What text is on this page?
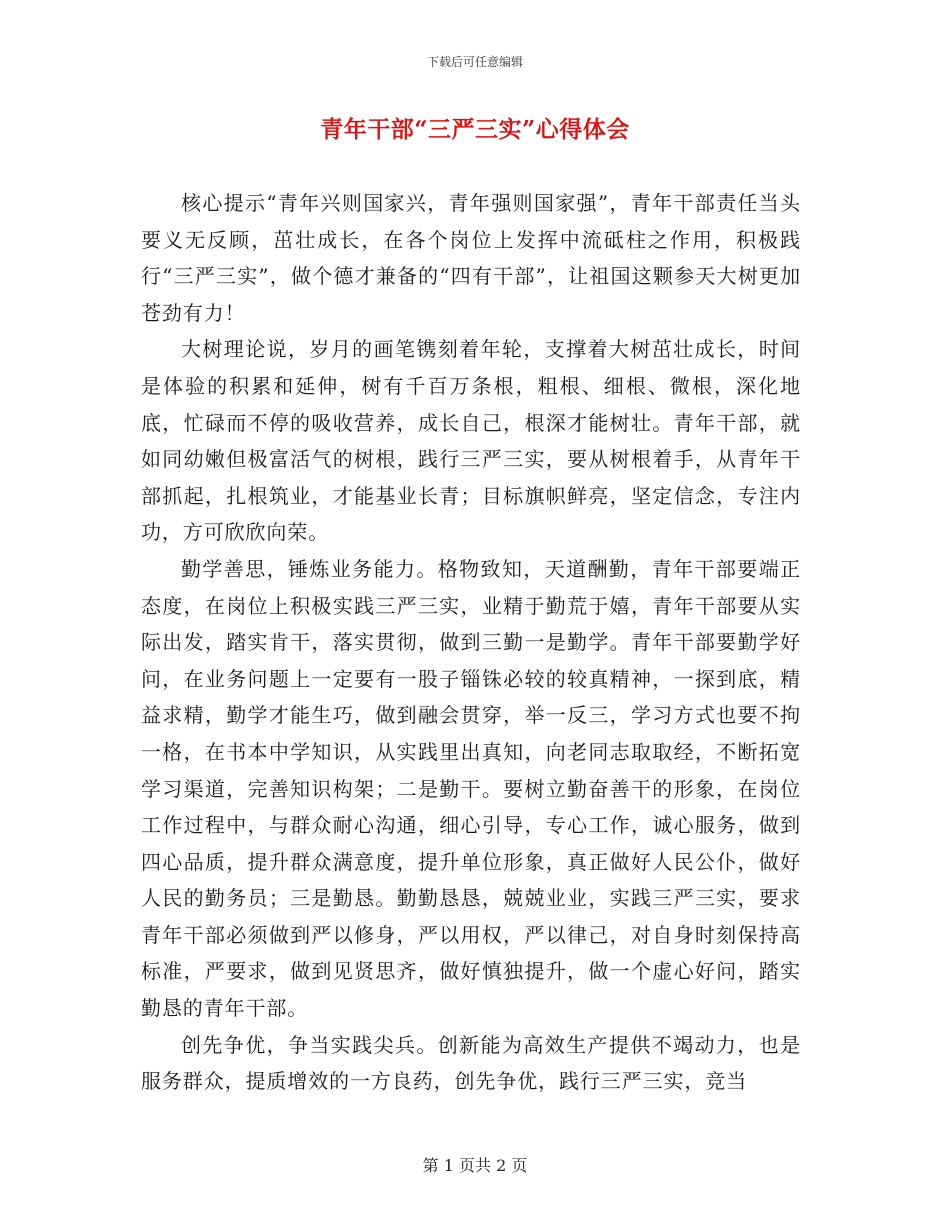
下载后可任意编辑
青年干部“三严三实”心得体会

核心提示“青年兴则国家兴，青年强则国家强”，青年干部责任当头要义无反顾，茁壮成长，在各个岗位上发挥中流砥柱之作用，积极践行“三严三实”，做个德才兼备的“四有干部”，让祖国这颗参天大树更加苍劲有力！

大树理论说，岁月的画笔镌刻着年轮，支撑着大树茁壮成长，时间是体验的积累和延伸，树有千百万条根，粗根、细根、微根，深化地底，忙碌而不停的吸收营养，成长自己，根深才能树壮。青年干部，就如同幼嫩但极富活气的树根，践行三严三实，要从树根着手，从青年干部抓起，扎根筑业，才能基业长青；目标旗帜鲜亮，坚定信念，专注内功，方可欣欣向荣。

勤学善思，锤炼业务能力。格物致知，天道酬勤，青年干部要端正态度，在岗位上积极实践三严三实，业精于勤荒于嬉，青年干部要从实际出发，踏实肯干，落实贯彻，做到三勤一是勤学。青年干部要勤学好问，在业务问题上一定要有一股子锱铢必较的较真精神，一探到底，精益求精，勤学才能生巧，做到融会贯穿，举一反三，学习方式也要不拘一格，在书本中学知识，从实践里出真知，向老同志取取经，不断拓宽学习渠道，完善知识构架；二是勤干。要树立勤奋善干的形象，在岗位工作过程中，与群众耐心沟通，细心引导，专心工作，诚心服务，做到四心品质，提升群众满意度，提升单位形象，真正做好人民公仆，做好人民的勤务员；三是勤恳。勤勤恳恳，兢兢业业，实践三严三实，要求青年干部必须做到严以修身，严以用权，严以律己，对自身时刻保持高标准，严要求，做到见贤思齐，做好慎独提升，做一个虚心好问，踏实勤恳的青年干部。

创先争优，争当实践尖兵。创新能为高效生产提供不竭动力，也是服务群众，提质增效的一方良药，创先争优，践行三严三实，竞当

第 1 页共 2 页
